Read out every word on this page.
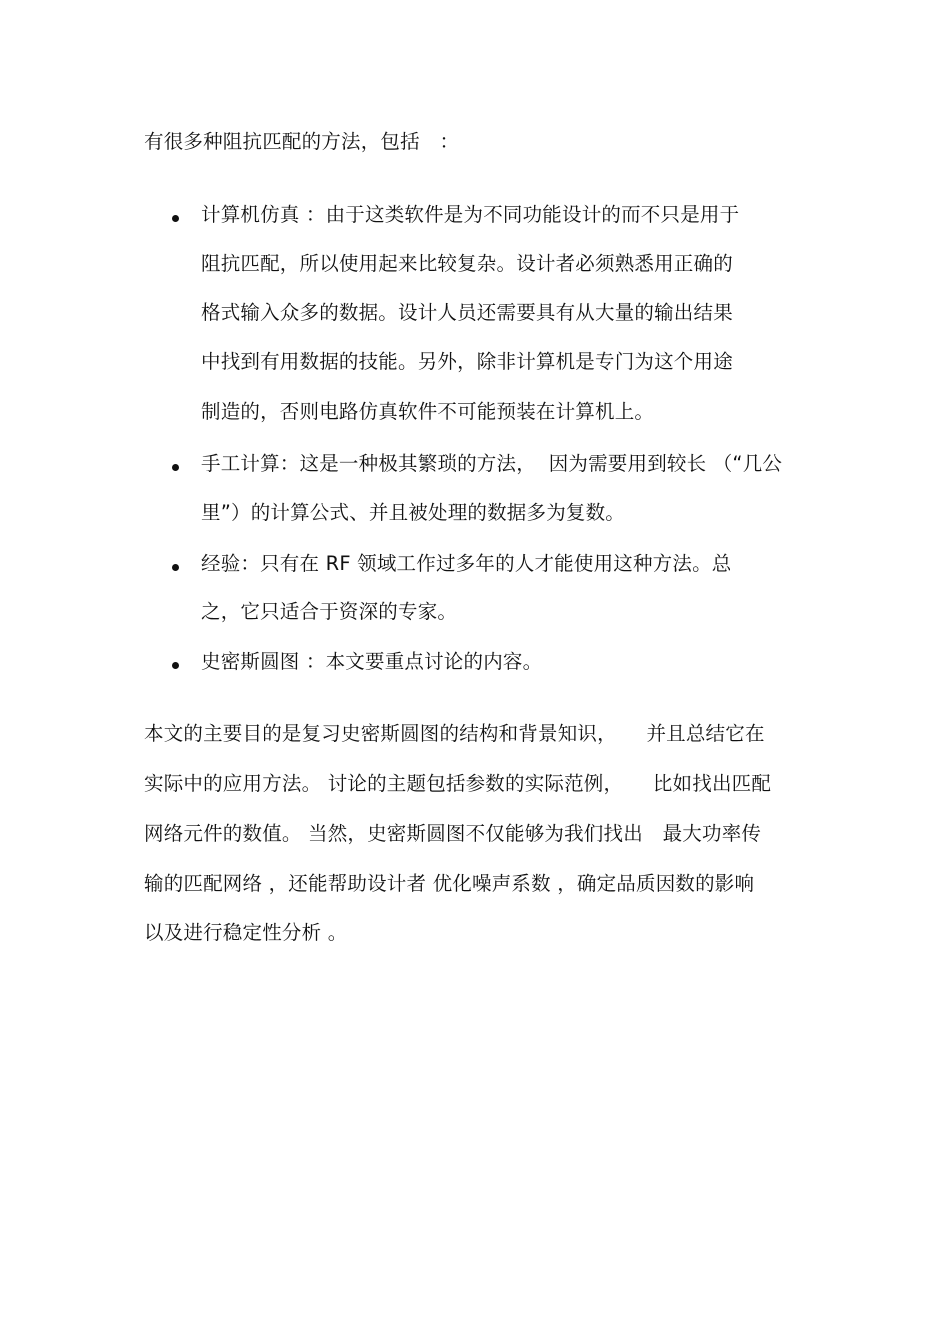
有很多种阻抗匹配的方法，包括　：
计算机仿真 ：由于这类软件是为不同功能设计的而不只是用于
阻抗匹配，所以使用起来比较复杂。设计者必须熟悉用正确的
格式输入众多的数据。设计人员还需要具有从大量的输出结果
中找到有用数据的技能。另外，除非计算机是专门为这个用途
制造的，否则电路仿真软件不可能预装在计算机上。
手工计算：这是一种极其繁琐的方法，  因为需要用到较长 （“几公
里”）的计算公式、并且被处理的数据多为复数。
经验：只有在 RF 领域工作过多年的人才能使用这种方法。总
之，它只适合于资深的专家。
史密斯圆图 ：本文要重点讨论的内容。
本文的主要目的是复习史密斯圆图的结构和背景知识，　　并且总结它在
实际中的应用方法。 讨论的主题包括参数的实际范例，　　比如找出匹配
网络元件的数值。 当然，史密斯圆图不仅能够为我们找出　最大功率传
输的匹配网络 ，还能帮助设计者 优化噪声系数 ，确定品质因数的影响
以及进行稳定性分析 。
